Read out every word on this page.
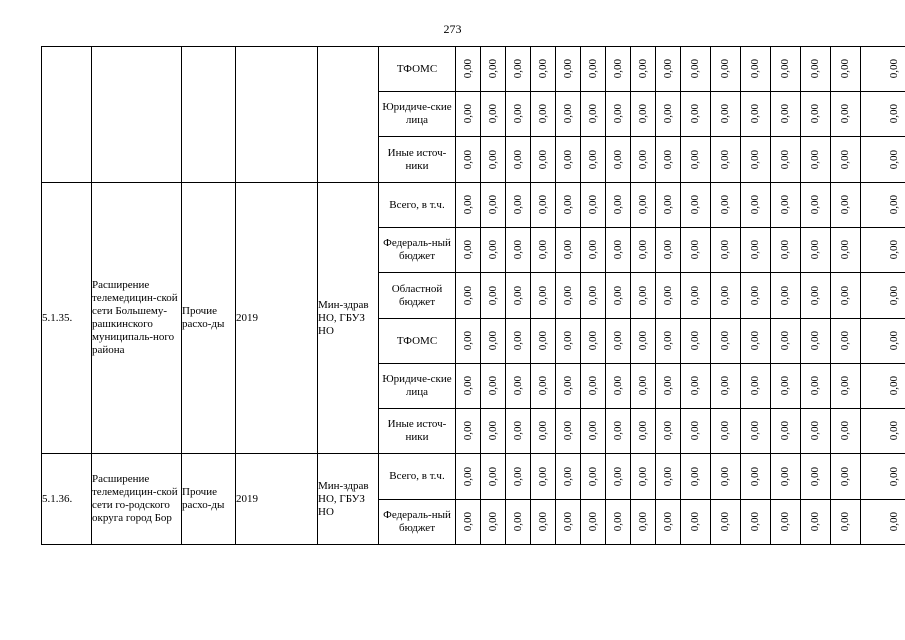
273
					ТФОМС	0,00	0,00	0,00	0,00	0,00	0,00	0,00	0,00	0,00	0,00	0,00	0,00	0,00	0,00	0,00	0,00

					Юридиче-ские лица	0,00	0,00	0,00	0,00	0,00	0,00	0,00	0,00	0,00	0,00	0,00	0,00	0,00	0,00	0,00	0,00

					Иные источ-ники	0,00	0,00	0,00	0,00	0,00	0,00	0,00	0,00	0,00	0,00	0,00	0,00	0,00	0,00	0,00	0,00

5.1.35.	Расширение телемедицин-ской сети Большему-рашкинского муниципаль-ного района	Прочие расхо-ды	2019	Мин-здрав НО, ГБУЗ НО	Всего, в т.ч.	0,00	0,00	0,00	0,00	0,00	0,00	0,00	0,00	0,00	0,00	0,00	0,00	0,00	0,00	0,00	0,00

					Федераль-ный бюджет	0,00	0,00	0,00	0,00	0,00	0,00	0,00	0,00	0,00	0,00	0,00	0,00	0,00	0,00	0,00	0,00

					Областной бюджет	0,00	0,00	0,00	0,00	0,00	0,00	0,00	0,00	0,00	0,00	0,00	0,00	0,00	0,00	0,00	0,00

					ТФОМС	0,00	0,00	0,00	0,00	0,00	0,00	0,00	0,00	0,00	0,00	0,00	0,00	0,00	0,00	0,00	0,00

					Юридиче-ские лица	0,00	0,00	0,00	0,00	0,00	0,00	0,00	0,00	0,00	0,00	0,00	0,00	0,00	0,00	0,00	0,00

					Иные источ-ники	0,00	0,00	0,00	0,00	0,00	0,00	0,00	0,00	0,00	0,00	0,00	0,00	0,00	0,00	0,00	0,00

5.1.36.	Расширение телемедицин-ской сети го-родского округа город Бор	Прочие расхо-ды	2019	Мин-здрав НО, ГБУЗ НО	Всего, в т.ч.	0,00	0,00	0,00	0,00	0,00	0,00	0,00	0,00	0,00	0,00	0,00	0,00	0,00	0,00	0,00	0,00

					Федераль-ный бюджет	0,00	0,00	0,00	0,00	0,00	0,00	0,00	0,00	0,00	0,00	0,00	0,00	0,00	0,00	0,00	0,00
